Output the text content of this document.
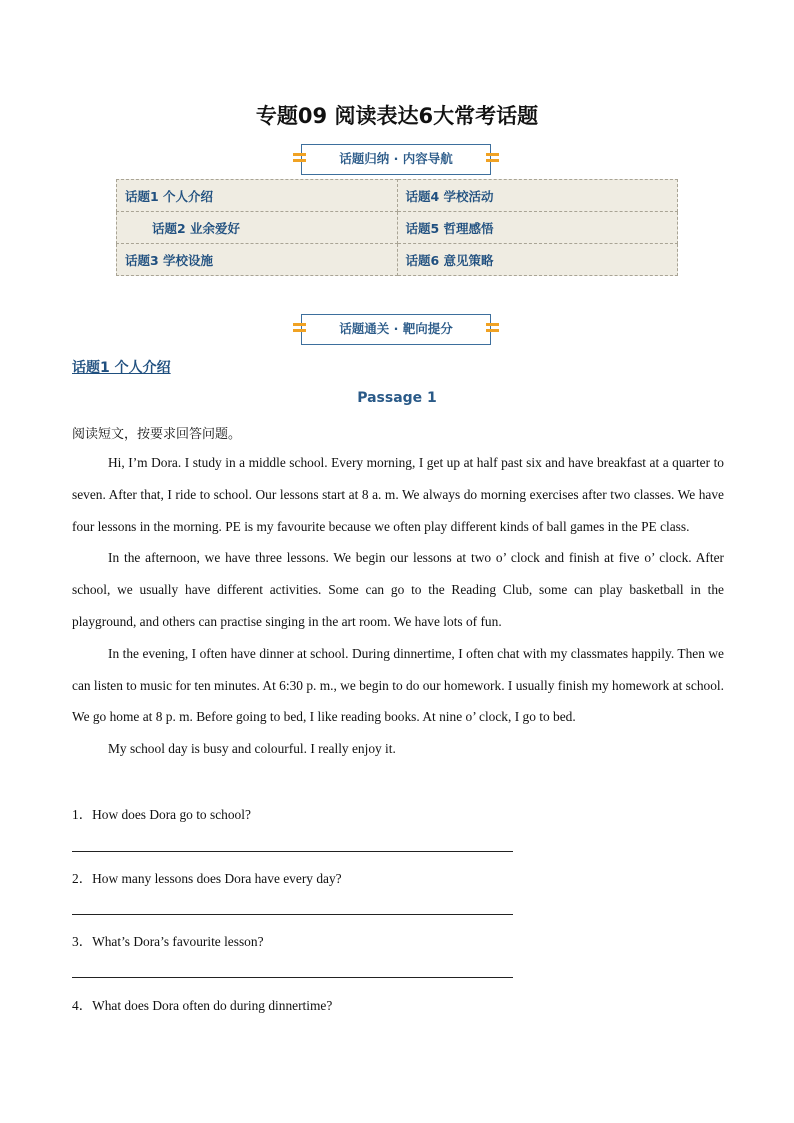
专题09 阅读表达6大常考话题
话题归纳 · 内容导航
话题1 个人介绍	话题4 学校活动
话题2 业余爱好	话题5 哲理感悟
话题3 学校设施	话题6 意见策略
话题通关 · 靶向提分
话题1 个人介绍
Passage 1
阅读短文，按要求回答问题。

Hi, I’m Dora. I study in a middle school. Every morning, I get up at half past six and have breakfast at a quarter to seven. After that, I ride to school. Our lessons start at 8 a. m. We always do morning exercises after two classes. We have four lessons in the morning. PE is my favourite because we often play different kinds of ball games in the PE class.

In the afternoon, we have three lessons. We begin our lessons at two o’ clock and finish at five o’ clock. After school, we usually have different activities. Some can go to the Reading Club, some can play basketball in the playground, and others can practise singing in the art room. We have lots of fun.

In the evening, I often have dinner at school. During dinnertime, I often chat with my classmates happily. Then we can listen to music for ten minutes. At 6:30 p. m., we begin to do our homework. I usually finish my homework at school. We go home at 8 p. m. Before going to bed, I like reading books. At nine o’ clock, I go to bed.

My school day is busy and colourful. I really enjoy it.

1．How does Dora go to school?
2．How many lessons does Dora have every day?
3．What’s Dora’s favourite lesson?
4．What does Dora often do during dinnertime?
